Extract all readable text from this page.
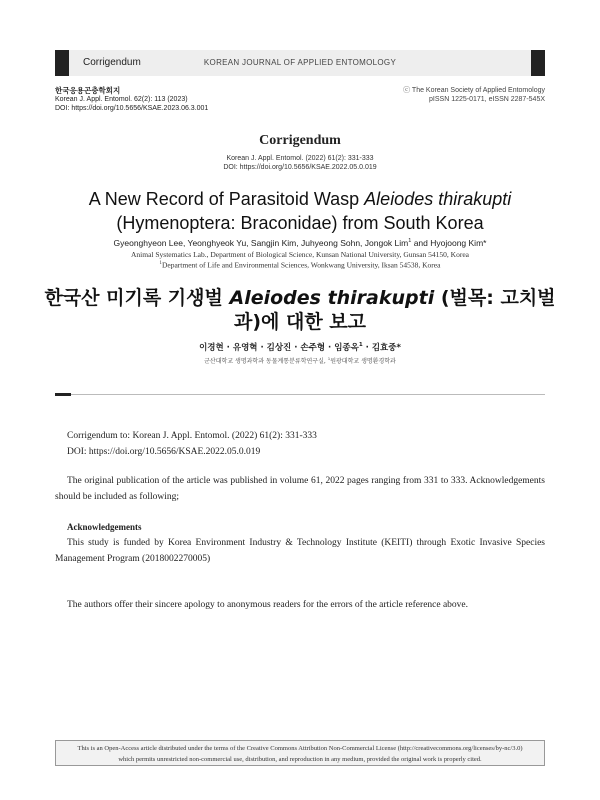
Corrigendum	KOREAN JOURNAL OF APPLIED ENTOMOLOGY
한국응용곤충학회지
Korean J. Appl. Entomol. 62(2): 113 (2023)
DOI: https://doi.org/10.5656/KSAE.2023.06.3.001
ⓒ The Korean Society of Applied Entomology
pISSN 1225-0171, eISSN 2287-545X
Corrigendum
Korean J. Appl. Entomol. (2022) 61(2): 331-333
DOI: https://doi.org/10.5656/KSAE.2022.05.0.019
A New Record of Parasitoid Wasp Aleiodes thirakupti (Hymenoptera: Braconidae) from South Korea
Gyeonghyeon Lee, Yeonghyeok Yu, Sangjin Kim, Juhyeong Sohn, Jongok Lim$^1$ and Hyojoong Kim*
Animal Systematics Lab., Department of Biological Science, Kunsan National University, Gunsan 54150, Korea
$^1$Department of Life and Environmental Sciences, Wonkwang University, Iksan 54538, Korea
한국산 미기록 기생벌 Aleiodes thirakupti (벌목: 고치벌과)에 대한 보고
이경현 · 유영혁 · 김상진 · 손주형 · 임종옥$^1$ · 김효중*
군산대학교 생명과학과 동물계통분류학연구실, $^1$원광대학교 생명환경학과
Corrigendum to: Korean J. Appl. Entomol. (2022) 61(2): 331-333
DOI: https://doi.org/10.5656/KSAE.2022.05.0.019
The original publication of the article was published in volume 61, 2022 pages ranging from 331 to 333. Acknowledgements should be included as following;
Acknowledgements
This study is funded by Korea Environment Industry & Technology Institute (KEITI) through Exotic Invasive Species Management Program (2018002270005)
The authors offer their sincere apology to anonymous readers for the errors of the article reference above.
This is an Open-Access article distributed under the terms of the Creative Commons Attribution Non-Commercial License (http://creativecommons.org/licenses/by-nc/3.0)
which permits unrestricted non-commercial use, distribution, and reproduction in any medium, provided the original work is properly cited.
